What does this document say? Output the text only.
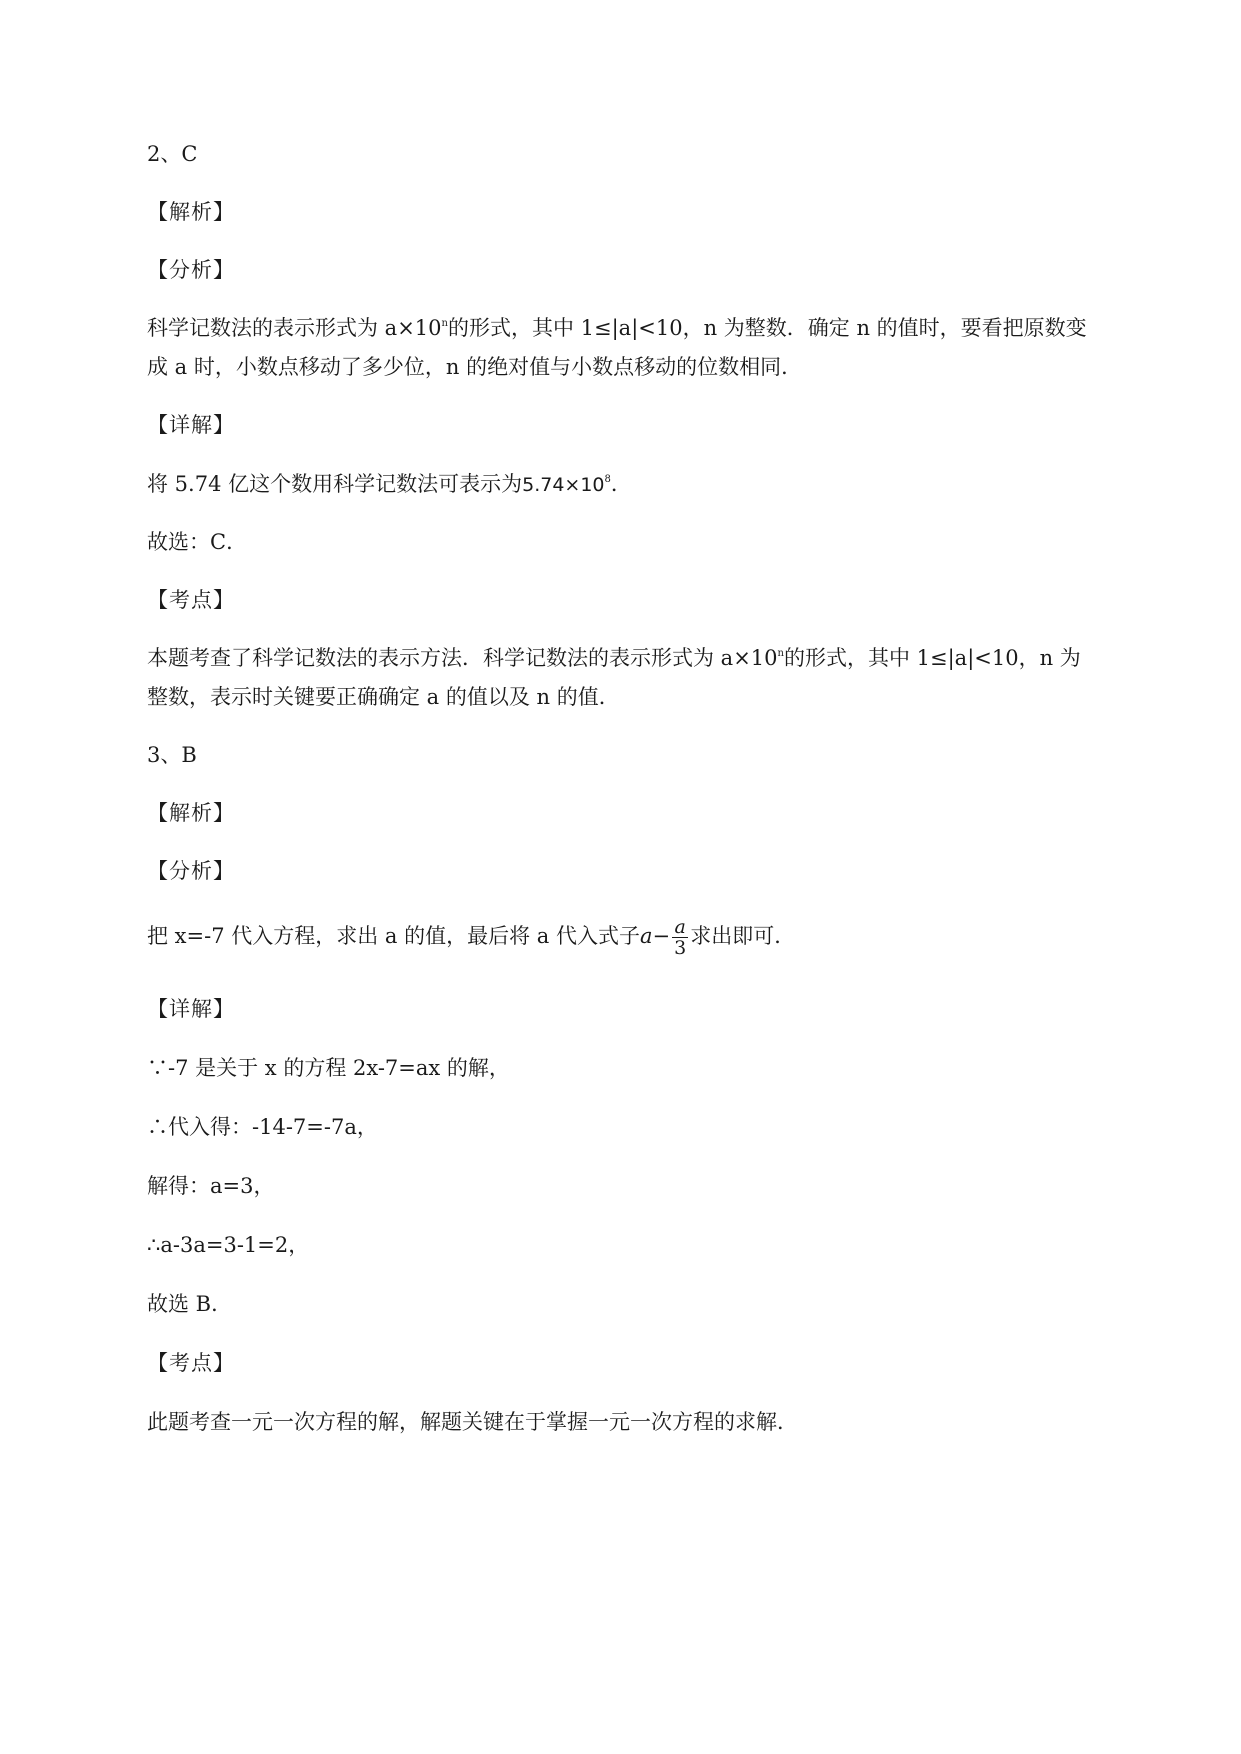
2、C
【解析】
【分析】
科学记数法的表示形式为 $a\times 10^n$的形式，其中 1≤|a|<10，n 为整数．确定 n 的值时，要看把原数变
成 a 时，小数点移动了多少位，n 的绝对值与小数点移动的位数相同．
【详解】
将 5.74 亿这个数用科学记数法可表示为$5.74\times 10^8$．
故选：C．
【考点】
本题考查了科学记数法的表示方法．科学记数法的表示形式为 $a\times 10^n$的形式，其中 1≤|a|<10，n 为
整数，表示时关键要正确确定 a 的值以及 n 的值．
3、B
【解析】
【分析】
把 x=-7 代入方程，求出 a 的值，最后将 a 代入式子$a- \frac{a}{3}$ 求出即可．
【详解】
∵-7 是关于 x 的方程 2x-7=ax 的解，
∴代入得：-14-7=-7a，
解得：a=3，
∴a-3a=3-1=2，
故选 B．
【考点】
此题考查一元一次方程的解，解题关键在于掌握一元一次方程的求解．
